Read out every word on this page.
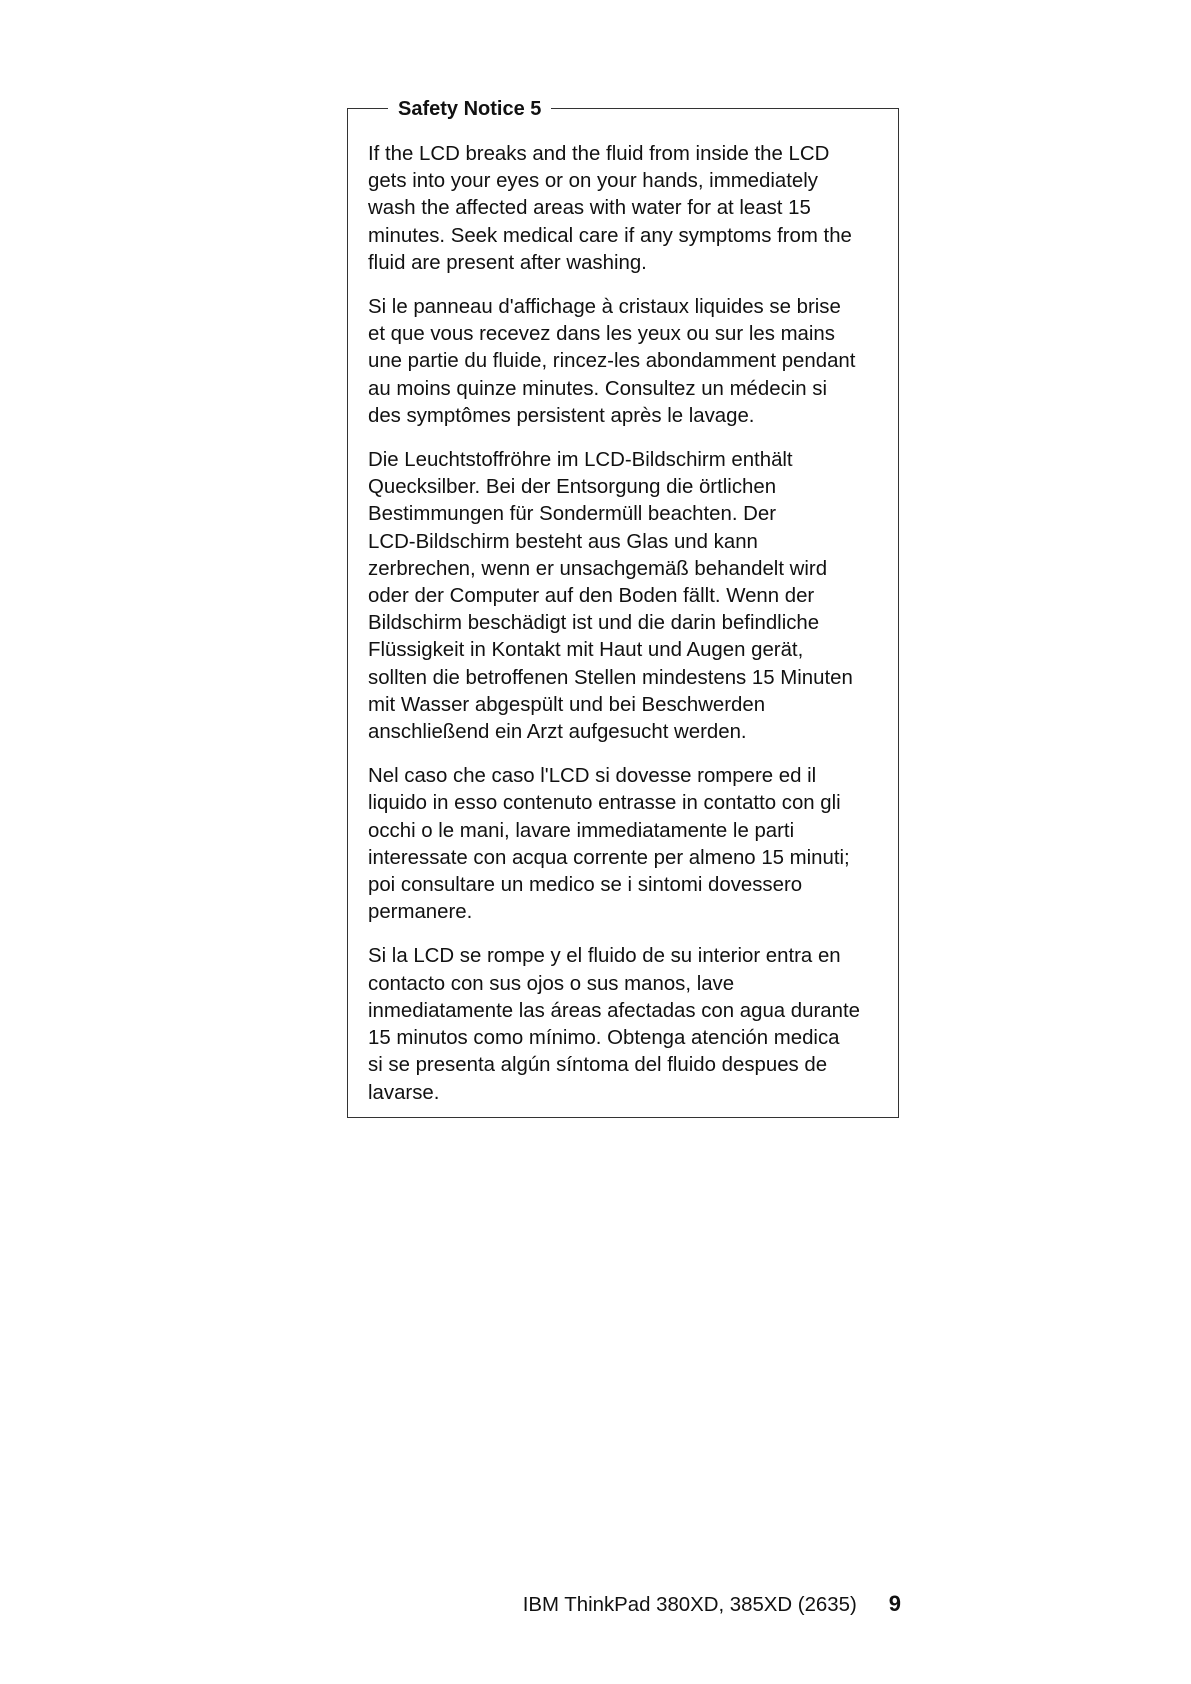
Safety Notice 5

If the LCD breaks and the fluid from inside the LCD
gets into your eyes or on your hands, immediately
wash the affected areas with water for at least 15
minutes. Seek medical care if any symptoms from the
fluid are present after washing.

Si le panneau d'affichage à cristaux liquides se brise
et que vous recevez dans les yeux ou sur les mains
une partie du fluide, rincez-les abondamment pendant
au moins quinze minutes. Consultez un médecin si
des symptômes persistent après le lavage.

Die Leuchtstoffröhre im LCD-Bildschirm enthält
Quecksilber. Bei der Entsorgung die örtlichen
Bestimmungen für Sondermüll beachten. Der
LCD-Bildschirm besteht aus Glas und kann
zerbrechen, wenn er unsachgemäß behandelt wird
oder der Computer auf den Boden fällt. Wenn der
Bildschirm beschädigt ist und die darin befindliche
Flüssigkeit in Kontakt mit Haut und Augen gerät,
sollten die betroffenen Stellen mindestens 15 Minuten
mit Wasser abgespült und bei Beschwerden
anschließend ein Arzt aufgesucht werden.

Nel caso che caso l'LCD si dovesse rompere ed il
liquido in esso contenuto entrasse in contatto con gli
occhi o le mani, lavare immediatamente le parti
interessate con acqua corrente per almeno 15 minuti;
poi consultare un medico se i sintomi dovessero
permanere.

Si la LCD se rompe y el fluido de su interior entra en
contacto con sus ojos o sus manos, lave
inmediatamente las áreas afectadas con agua durante
15 minutos como mínimo. Obtenga atención medica
si se presenta algún síntoma del fluido despues de
lavarse.

IBM ThinkPad 380XD, 385XD (2635) 9
